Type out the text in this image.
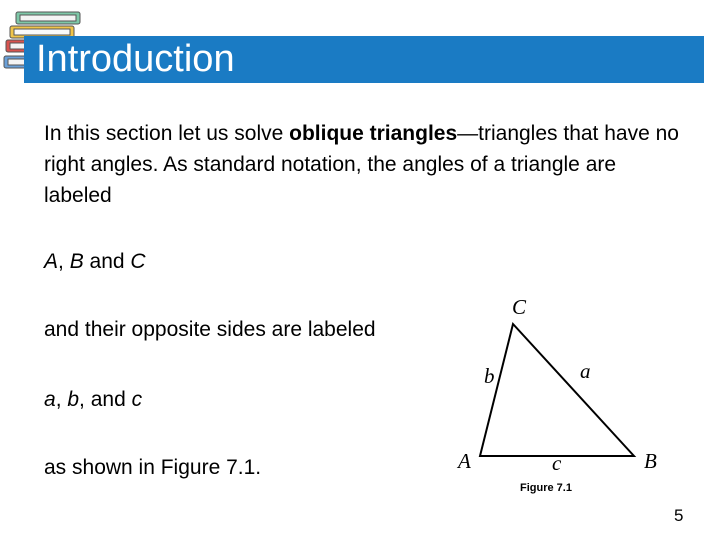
Introduction

In this section let us solve oblique triangles—triangles that have no right angles. As standard notation, the angles of a triangle are labeled

A, B and C

and their opposite sides are labeled

a, b, and c

as shown in Figure 7.1.

C
A	B
b	a
c
Figure 7.1
5
